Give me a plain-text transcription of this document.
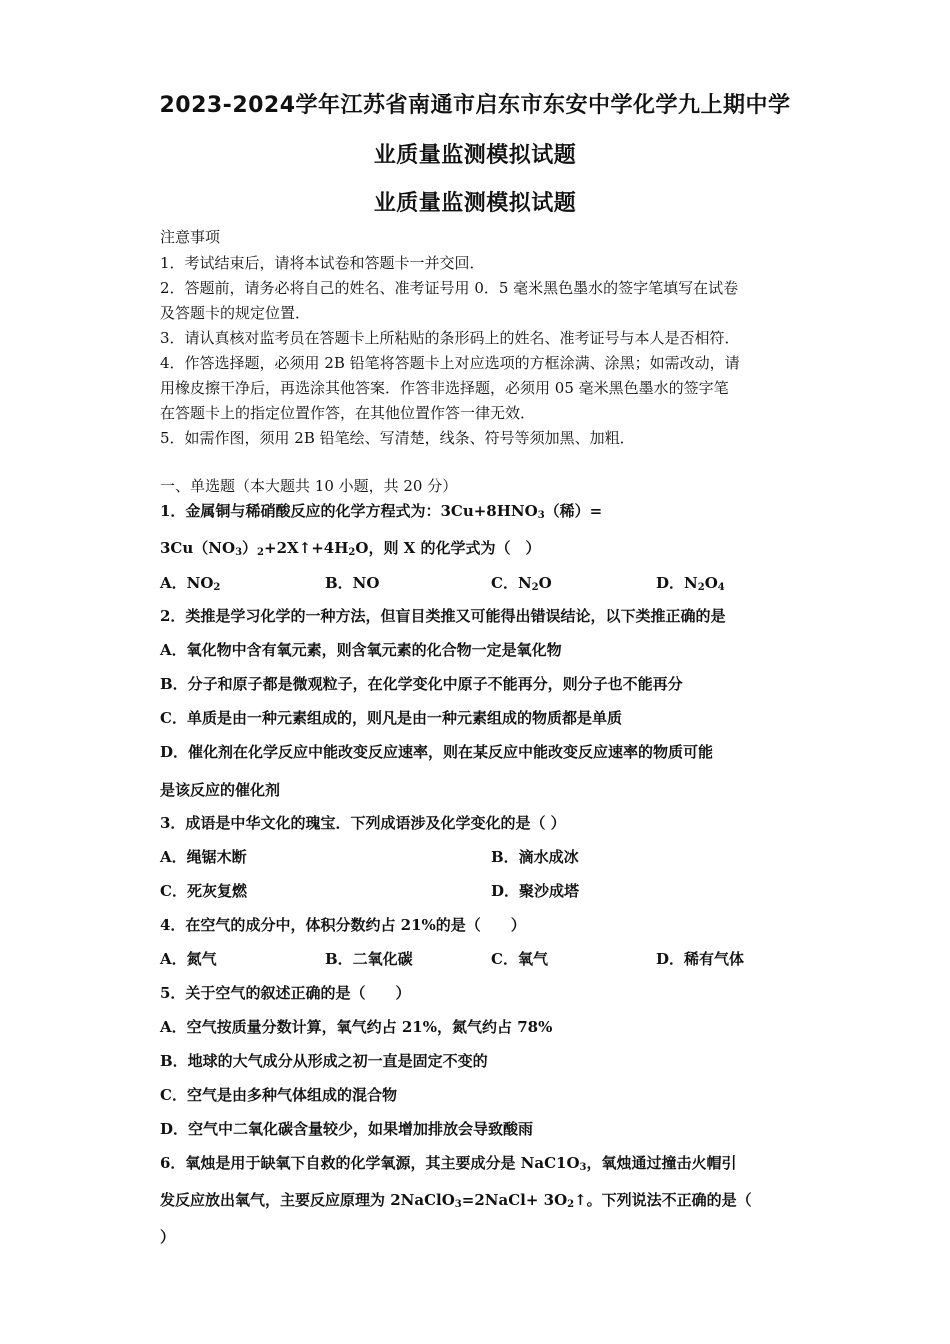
2023-2024学年江苏省南通市启东市东安中学化学九上期中学
业质量监测模拟试题
业质量监测模拟试题
注意事项
1．考试结束后，请将本试卷和答题卡一并交回．
2．答题前，请务必将自己的姓名、准考证号用 0．5 毫米黑色墨水的签字笔填写在试卷
及答题卡的规定位置．
3．请认真核对监考员在答题卡上所粘贴的条形码上的姓名、准考证号与本人是否相符．
4．作答选择题，必须用 2B 铅笔将答题卡上对应选项的方框涂满、涂黑；如需改动，请
用橡皮擦干净后，再选涂其他答案．作答非选择题，必须用 05 毫米黑色墨水的签字笔
在答题卡上的指定位置作答，在其他位置作答一律无效．
5．如需作图，须用 2B 铅笔绘、写清楚，线条、符号等须加黑、加粗．
一、单选题（本大题共 10 小题，共 20 分）
1．金属铜与稀硝酸反应的化学方程式为：$3Cu+8HNO_3$（稀）=
$3Cu(NO_3)_2+2X↑+4H_2O$，则 X 的化学式为（　）
A．$NO_2$	B．NO	C．$N_2O$	D．$N_2O_4$
2．类推是学习化学的一种方法，但盲目类推又可能得出错误结论，以下类推正确的是
A．氧化物中含有氧元素，则含氧元素的化合物一定是氧化物
B．分子和原子都是微观粒子，在化学变化中原子不能再分，则分子也不能再分
C．单质是由一种元素组成的，则凡是由一种元素组成的物质都是单质
D．催化剂在化学反应中能改变反应速率，则在某反应中能改变反应速率的物质可能
是该反应的催化剂
3．成语是中华文化的瑰宝．下列成语涉及化学变化的是（ ）
A．绳锯木断	B．滴水成冰
C．死灰复燃	D．聚沙成塔
4．在空气的成分中，体积分数约占 21%的是（　　）
A．氮气	B．二氧化碳	C．氧气	D．稀有气体
5．关于空气的叙述正确的是（　　）
A．空气按质量分数计算，氧气约占 21%，氮气约占 78%
B．地球的大气成分从形成之初一直是固定不变的
C．空气是由多种气体组成的混合物
D．空气中二氧化碳含量较少，如果增加排放会导致酸雨
6．氧烛是用于缺氧下自救的化学氧源，其主要成分是 $NaC1O_3$，氧烛通过撞击火帽引
发反应放出氧气，主要反应原理为 2NaClO$_3$=2NaCl+ $3O_2↑$。下列说法不正确的是（
）
